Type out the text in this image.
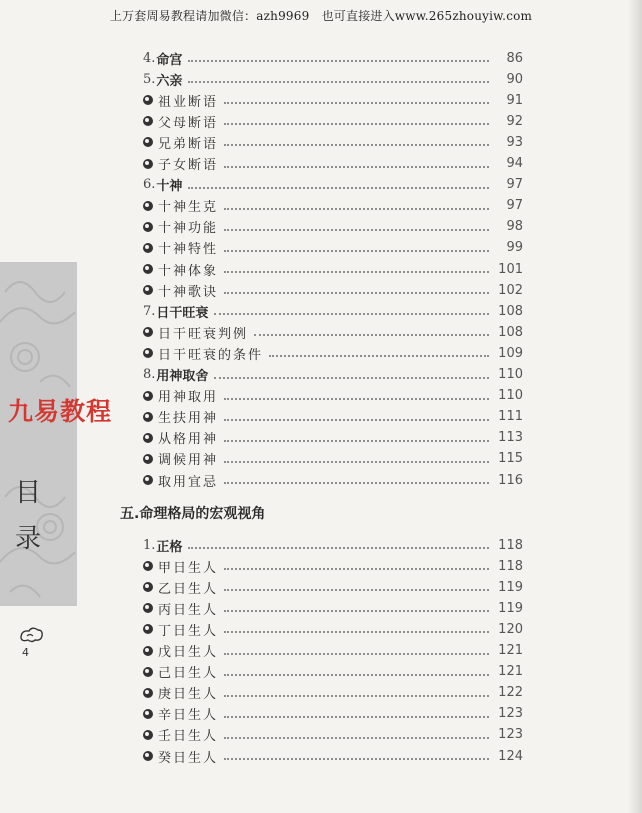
上万套周易教程请加微信：azh9969　也可直接进入www.265zhouyiw.com
目
录
九易教程
4
4. 命宫	86
5. 六亲	90
祖业断语	91
父母断语	92
兄弟断语	93
子女断语	94
6. 十神	97
十神生克	97
十神功能	98
十神特性	99
十神体象	101
十神歌诀	102
7. 日干旺衰	108
日干旺衰判例	108
日干旺衰的条件	109
8. 用神取舍	110
用神取用	110
生扶用神	111
从格用神	113
调候用神	115
取用宜忌	116
五.命理格局的宏观视角
1. 正格	118
甲日生人	118
乙日生人	119
丙日生人	119
丁日生人	120
戊日生人	121
己日生人	121
庚日生人	122
辛日生人	123
壬日生人	123
癸日生人	124
